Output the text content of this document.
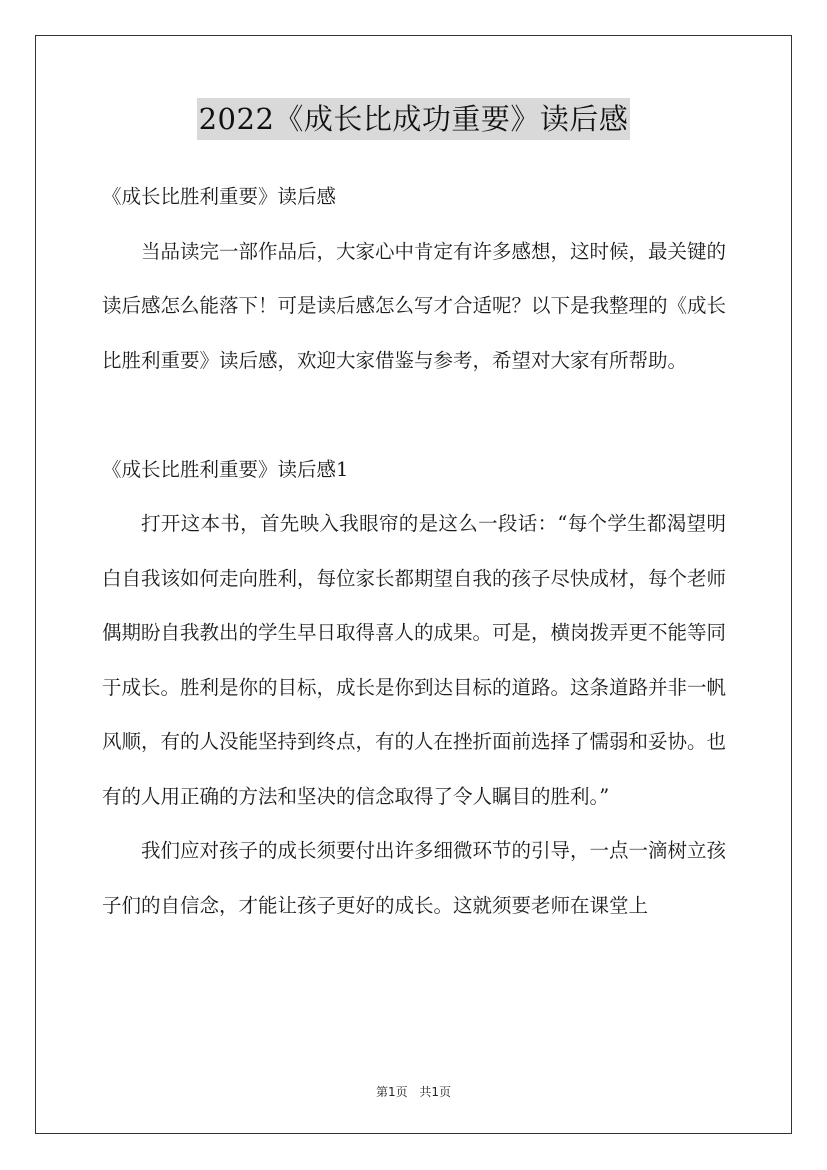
2022《成长比成功重要》读后感

《成长比胜利重要》读后感

当品读完一部作品后，大家心中肯定有许多感想，这时候，最关键的读后感怎么能落下！可是读后感怎么写才合适呢？以下是我整理的《成长比胜利重要》读后感，欢迎大家借鉴与参考，希望对大家有所帮助。

《成长比胜利重要》读后感1

打开这本书，首先映入我眼帘的是这么一段话：“每个学生都渴望明白自我该如何走向胜利，每位家长都期望自我的孩子尽快成材，每个老师偶期盼自我教出的学生早日取得喜人的成果。可是，横岗拨弄更不能等同于成长。胜利是你的目标，成长是你到达目标的道路。这条道路并非一帆风顺，有的人没能坚持到终点，有的人在挫折面前选择了懦弱和妥协。也有的人用正确的方法和坚决的信念取得了令人瞩目的胜利。”

我们应对孩子的成长须要付出许多细微环节的引导，一点一滴树立孩子们的自信念，才能让孩子更好的成长。这就须要老师在课堂上

第1页 共1页
